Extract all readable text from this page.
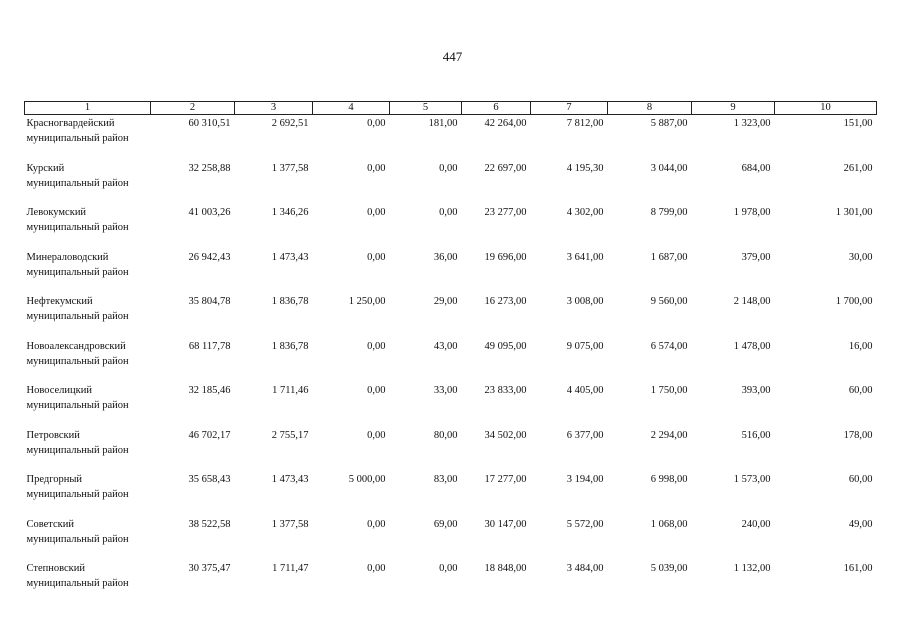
447
1	2	3	4	5	6	7	8	9	10

Красногвардейский
муниципальный район	60 310,51	2 692,51	0,00	181,00	42 264,00	7 812,00	5 887,00	1 323,00	151,00

Курский
муниципальный район	32 258,88	1 377,58	0,00	0,00	22 697,00	4 195,30	3 044,00	684,00	261,00

Левокумский
муниципальный район	41 003,26	1 346,26	0,00	0,00	23 277,00	4 302,00	8 799,00	1 978,00	1 301,00

Минераловодский
муниципальный район	26 942,43	1 473,43	0,00	36,00	19 696,00	3 641,00	1 687,00	379,00	30,00

Нефтекумский
муниципальный район	35 804,78	1 836,78	1 250,00	29,00	16 273,00	3 008,00	9 560,00	2 148,00	1 700,00

Новоалександровский
муниципальный район	68 117,78	1 836,78	0,00	43,00	49 095,00	9 075,00	6 574,00	1 478,00	16,00

Новоселицкий
муниципальный район	32 185,46	1 711,46	0,00	33,00	23 833,00	4 405,00	1 750,00	393,00	60,00

Петровский
муниципальный район	46 702,17	2 755,17	0,00	80,00	34 502,00	6 377,00	2 294,00	516,00	178,00

Предгорный
муниципальный район	35 658,43	1 473,43	5 000,00	83,00	17 277,00	3 194,00	6 998,00	1 573,00	60,00

Советский
муниципальный район	38 522,58	1 377,58	0,00	69,00	30 147,00	5 572,00	1 068,00	240,00	49,00

Степновский
муниципальный район	30 375,47	1 711,47	0,00	0,00	18 848,00	3 484,00	5 039,00	1 132,00	161,00
